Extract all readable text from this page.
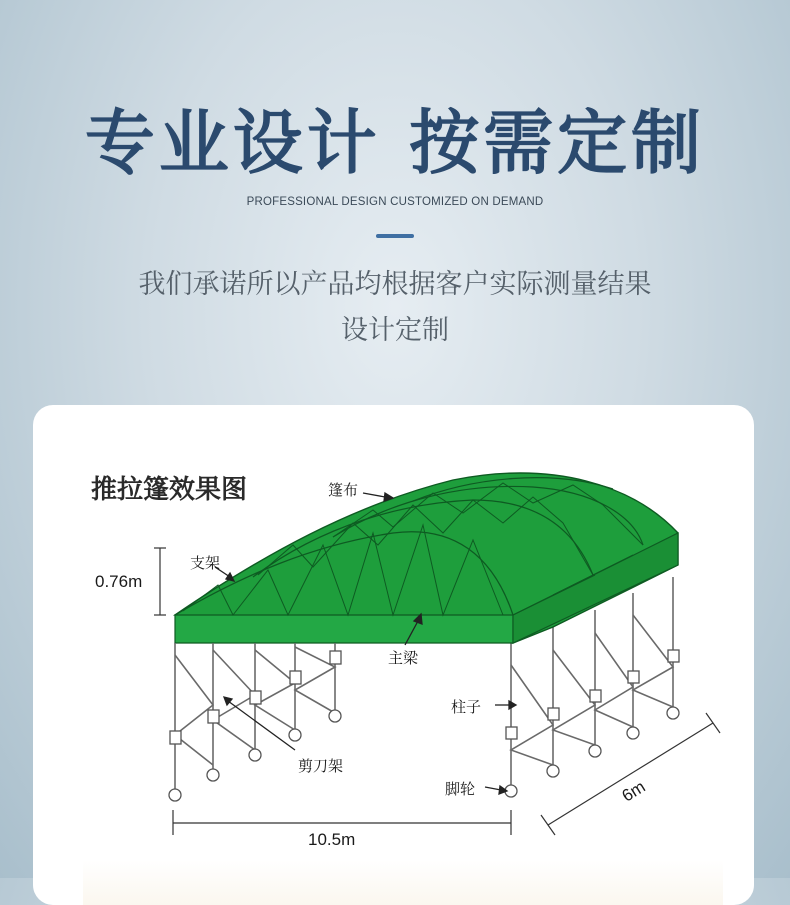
专业设计 按需定制
PROFESSIONAL DESIGN CUSTOMIZED ON DEMAND
我们承诺所以产品均根据客户实际测量结果
设计定制
推拉篷效果图
0.76m
10.5m
6m
篷布
支架
主梁
柱子
剪刀架
脚轮
